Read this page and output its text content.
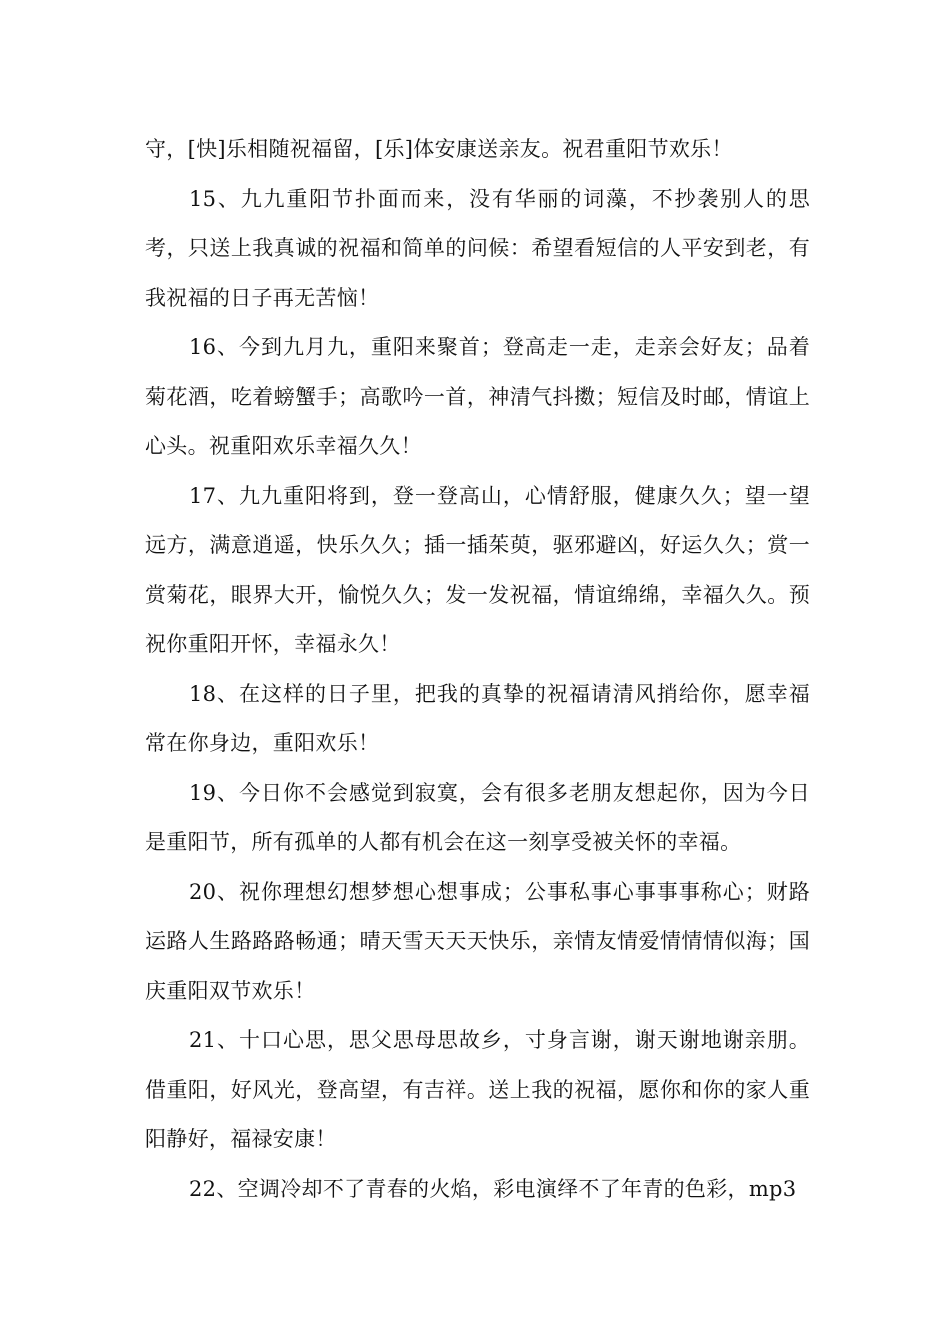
守，[快]乐相随祝福留，[乐]体安康送亲友。祝君重阳节欢乐！

15、九九重阳节扑面而来，没有华丽的词藻，不抄袭别人的思考，只送上我真诚的祝福和简单的问候：希望看短信的人平安到老，有我祝福的日子再无苦恼！

16、今到九月九，重阳来聚首；登高走一走，走亲会好友；品着菊花酒，吃着螃蟹手；高歌吟一首，神清气抖擞；短信及时邮，情谊上心头。祝重阳欢乐幸福久久！

17、九九重阳将到，登一登高山，心情舒服，健康久久；望一望远方，满意逍遥，快乐久久；插一插茱萸，驱邪避凶，好运久久；赏一赏菊花，眼界大开，愉悦久久；发一发祝福，情谊绵绵，幸福久久。预祝你重阳开怀，幸福永久！

18、在这样的日子里，把我的真挚的祝福请清风捎给你，愿幸福常在你身边，重阳欢乐！

19、今日你不会感觉到寂寞，会有很多老朋友想起你，因为今日是重阳节，所有孤单的人都有机会在这一刻享受被关怀的幸福。

20、祝你理想幻想梦想心想事成；公事私事心事事事称心；财路运路人生路路路畅通；晴天雪天天天快乐，亲情友情爱情情情似海；国庆重阳双节欢乐！

21、十口心思，思父思母思故乡，寸身言谢，谢天谢地谢亲朋。借重阳，好风光，登高望，有吉祥。送上我的祝福，愿你和你的家人重阳静好，福禄安康！

22、空调冷却不了青春的火焰，彩电演绎不了年青的色彩，mp3
